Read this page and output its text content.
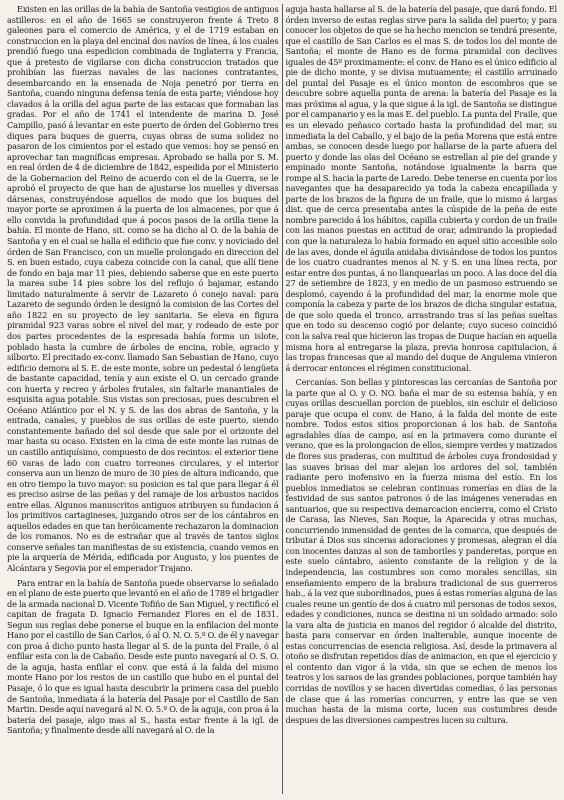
Existen en las orillas de la bahía de Santoña vestigios de antiguos astilleros: en el año de 1665 se construyeron frente á Treto 8 galeones para el comercio de América, y el de 1719 estaban en construccion en la playa del encinal dos navíos de línea, á los cuales prendió fuego una espedicion combinada de Inglaterra y Francia, que á pretesto de vigilarse con dicha construccion tratados que prohibían las fuerzas navales de las naciones contratantes, desembarcando en la ensenada de Noja penetró por tierra en Santoña, cuando ninguna defensa tenía de esta parte; viéndose hoy clavados á la orilla del agua parte de las estacas que formaban las gradas. Por el año de 1741 el intendente de marina D. José Campillo, pasó á levantar en este puerto de órden del Gobierno tres diques para buques de guerra, cuyas obras de suma solidez no pasaron de los cimientos por el estado que vemos: hoy se pensó en aprovechar tan magníficas empresas. Aprobado se halla por S. M. en real órden de 4 de diciembre de 1842, espedida por el Ministerio de la Gobernacion del Reino de acuerdo con el de la Guerra, se le aprobó el proyecto de que han de ajustarse los muelles y diversas dársenas, construyéndose aquellos de modo que los buques del mayor porte se aproximen á la puerta de los almacenes, por que á ello convida la profundidad que á pocos pasos de la orilla tiene la bahía. El monte de Hano, sit. como se ha dicho al O. de la bahía de Santoña y en el cual se halla el edificio que fue conv. y noviciado del órden de San Francisco, con un muelle prolongado en direccion del S. en buen estado, cuya cabeza coincide con la canal, que allí tiene de fondo en baja mar 11 pies, debiendo saberse que en este puerto la marea sube 14 pies sobre los del reflujo ó bajamar, estando limitado naturalmente á servir de Lazareto ó conejo naval: para Lazareto de segundo órden le designó la comision de las Cortes del año 1822 en su proyecto de ley sanitaria. Se eleva en figura piramidal 923 varas sobre el nivel del mar, y rodeado de este por dos partes procedentes de la espresada bahía forma un islote, poblado hasta la cumbre de árboles de encina, roble, agracio y silborto. El precitado ex-conv. llamado San Sebastian de Hano, cuyo edificio demora al S. E. de este monte, sobre un pedestal ó lengüeta de bastante capacidad, tenía y aun existe el O. un cercado grande con huerta y recreo y árboles frutales, sin faltarle manantiales de esquisita agua potable. Sus vistas son preciosas, pues descubren el Océano Atlántico por el N. y S. de las dos abras de Santoña, y la entrada, canales, y pueblos de sus orillas de este puerto, siendo constantemente bañado del sol desde que sale por el orizonte del mar hasta su ocaso. Existen en la cima de este monte las ruinas de un castillo antiquísimo, compuesto de dos recintos: el exterior tiene 60 varas de lado con cuatro torreones circulares, y el interior conserva aun un lienzo de muro de 30 pies de altura indicando, que en otro tiempo la tuvo mayor: su posicion es tal que para llegar á él es preciso asirse de las peñas y del ramaje de los arbustos nacidos entre ellas. Algunos manuscritos antiguos atribuyen su fundacion á los primitivos cartagineses, juzgando otros ser de los cántabros en aquellos edades en que tan heróicamente rechazaron la dominacion de los romanos. No es de estrañar que al través de tantos siglos conserve señales tan manifiestas de su existencia, cuando vemos en pie la arquería de Mérida, edificada por Augusto, y los puentes de Alcántara y Segovia por el emperador Trajano.

Para entrar en la bahía de Santoña puede observarse lo señalado en el plano de este puerto que levantó en el año de 1789 el brigadier de la armada nacional D. Vicente Tofiño de San Miguel, y rectificó el capitan de fragata D. Ignacio Fernandez Flores en el de 1831. Segun sus reglas debe ponerse el buque en la enfilacion del monte Hano por el castillo de San Carlos, ó al O. N. O. 5.º O. de él y navegar con proa á dicho punto hasta llegar al S. de la punta del Fraile, ó al enfilar esta con la de Cabaño. Desde este punto navegará al O. S. O. de la aguja, hasta enfilar el conv. que está á la falda del mismo monte Hano por los restos de un castillo que hubo en el puntal del Pasaje, ó lo que es igual hasta descubrir la primera casa del pueblo de Santoña, inmediata á la batería del Pasaje por el Castillo de San Martin. Desde aquí navegará al N. O. 5.º O. de la aguja, con proa á la batería del pasaje, algo mas al S., hasta estar frente á la igl. de Santoña; y finalmente desde allí navegará al O. de la

aguja hasta hallarse al S. de la batería del pasaje, que dará fondo. El órden inverso de estas reglas sirve para la salida del puerto; y para conocer los objetos de que se ha hecho mencion se tendrá presente, que el castillo de San Carlos es el mas S. de todos los del monte de Santoña; el monte de Hano es de forma piramidal con declives iguales de 45º proximamente: el conv. de Hano es el único edificio al pie de dicho monte, y se divisa mutuamente; el castillo arruinado del puntal del Pasaje es el único monton de escombros que se descubre sobre aquella punta de arena: la batería del Pasaje es la mas próxima al agua, y la que sigue á la igl. de Santoña se distingue por el campanario y es la mas E. del pueblo. La punta del Fraile, que es un elevado peñasco cortado hasta la profundidad del mar, su inmediata la del Caballo, y el bajo de la peña Morena que está entre ambas, se conocen desde luego por hallarse de la parte afuera del puerto y donde las olas del Océano se estrellan al pie del grande y empinado monte Santoña, notándose igualmente la barra que rompe al S. hacia la parte de Laredo. Debe tenerse en cuenta por los navegantes que ha desaparecido ya toda la cabeza encapillada y parte de los brazos de la figura de un fraile, que lo mismo á largas dist. que de cerca presentaba antes la cúspide de la peña de este nombre parecido á los hábitos, capilla cubierta y cordon de un fraile con las manos puestas en actitud de orar, admirando la propiedad con que la naturaleza lo había formado en aquel sitio accesible solo de las aves, donde el águila anidaba divisándose de todos los puntos de los cuatro cuadrantes menos al N. y S. en una línea recta, por estar entre dos puntas, á no llanquearlas un poco. A las doce del día 27 de setiembre de 1823, y en medio de un pasmoso estruendo se desplomó, cayendo á la profundidad del mar, la enorme mole que componía la cabeza y parte de los brazos de dicha singular estatua, de que solo queda el tronco, arrastrando tras sí las peñas sueltas que en todo su descenso cogió por delante; cuyo suceso coincidió con la salva real que hicieron las tropas de Duque hacían en aquella misma hora al entregarse la plaza, previa honrosa capitulacion, á las tropas francesas que al mando del duque de Angulema vinieron á derrocar entonces el régimen constitucional.

Cercanías. Son bellas y pintorescas las cercanías de Santoña por la parte que al O. y O. NO. baña el mar de su estensa bahía, y en cuyas orillas descuellan porcion de pueblos, sin escluir el delicioso paraje que ocupa el conv. de Hano, á la falda del monte de este nombre. Todos estos sitios proporcionan á los hab. de Santoña agradables días de campo, así en la primavera como durante el verano, que es la prolongacion de ellos, siempre verdes y matizados de flores sus praderas, con multitud de árboles cuya frondosidad y las suaves brisas del mar alejan los ardores del sol, también radiante pero inofensivo en la fuerza misma del estío. En los pueblos inmediatos se celebran continuas romerías en días de la festividad de sus santos patronos ó de las imágenes veneradas en santuarios, que su respectiva demarcacion encierra, como el Cristo de Carasa, las Nieves, San Roque, la Aparecida y otras muchas, concurriendo inmensidad de gentes de la comarca, que después de tributar á Dios sus sinceras adoraciones y promesas, alegran el día con inocentes danzas al son de tamboriles y panderetas, porque en este suelo cántabro, asiento constante de la religion y de la independencia, las costumbres son como morales sencillas, sin enseñamiento empero de la brabura tradicional de sus guerreros hab., á la vez que subordinados, pues á estas romerías alguna de las cuales reune un gentío de dos á cuatro mil personas de todos sexos, edades y condiciones, nunca se destina ni un soldado armado: solo la vara alta de justicia en manos del regidor ó alcalde del distrito, basta para conservar en órden inalterable, aunque inocente de estas concurrencias de esencia religiosa. Así, desde la primavera al otoño se disfrutan repetidos días de animacion, en que el ejercicio y el contento dan vigor á la vida, sin que se echen de menos los teatros y los saraos de las grandes poblaciones, porque también hay corridas de novillos y se hacen divertidas comedias, ó las personas de clase que á las romerías concurren, y entre las que se ven muchas hasta de la misma corte, lucen sus costumbres desde despues de las diversiones campestres lucen su cultura.
